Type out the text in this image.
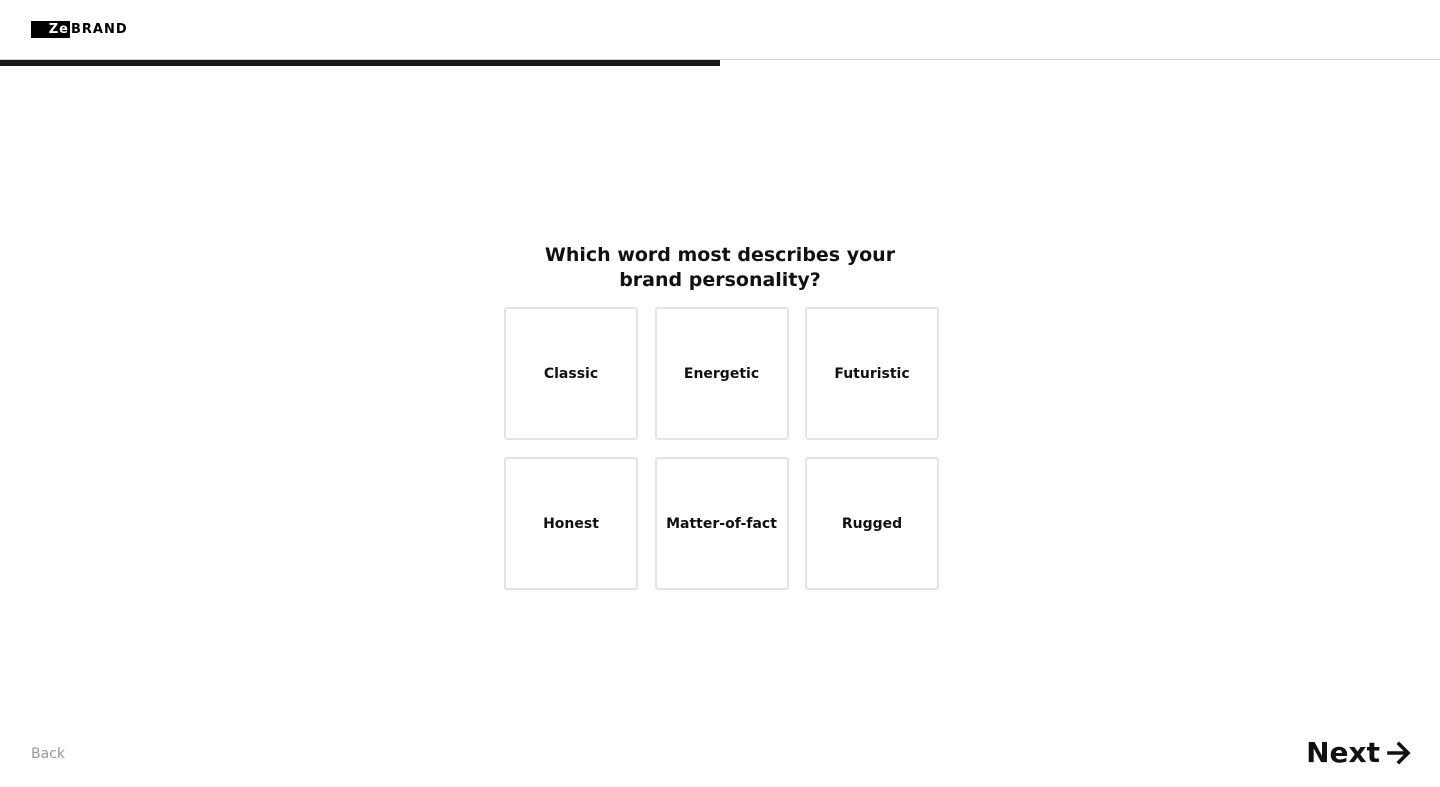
Ze BRAND
Which word most describes your brand personality?
Classic	Energetic	Futuristic
Honest	Matter-of-fact	Rugged
Back	Next
